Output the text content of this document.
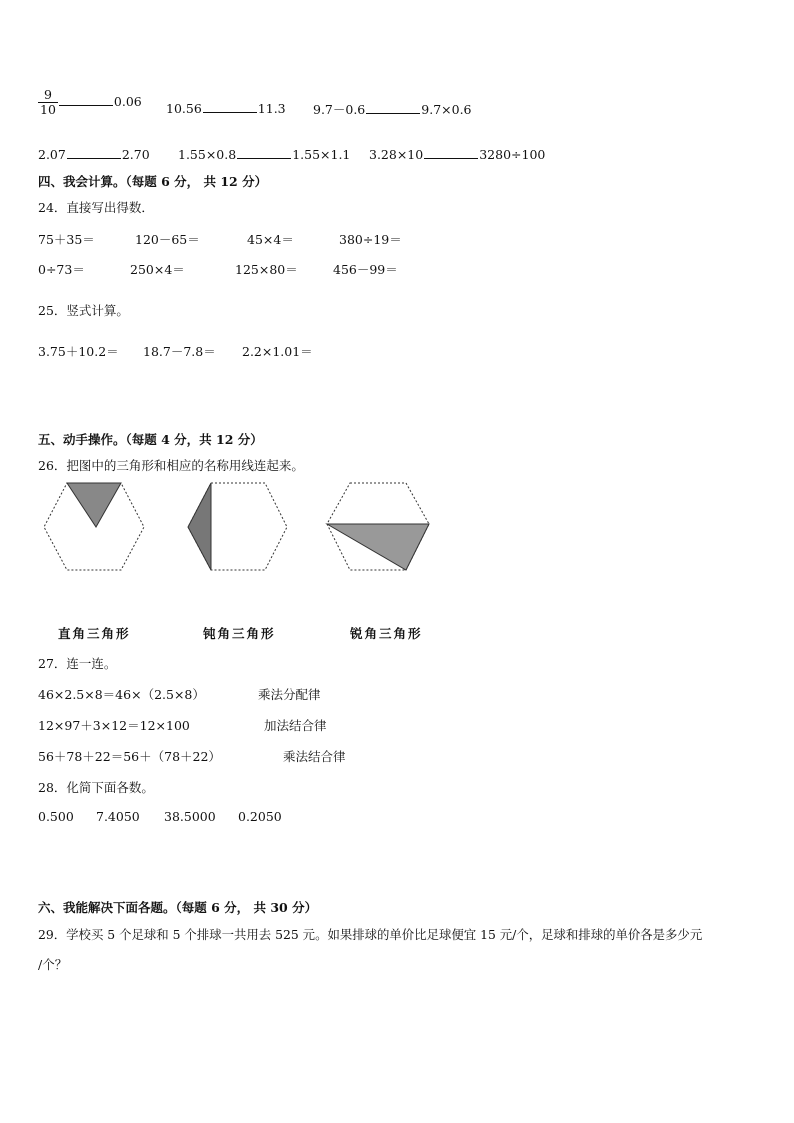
$\frac{9}{10}$	0.06 10.56	11.3 9.7－0.6	9.7×0.6
2.07	2.70 1.55×0.8	1.55×1.1 3.28×10	3280÷100
四、我会计算。（每题 6 分， 共 12 分）
24．直接写出得数．
75＋35＝	120－65＝	45×4＝	380÷19＝
0÷73＝	250×4＝	125×80＝	456－99＝
25．竖式计算。
3.75＋10.2＝ 18.7－7.8＝ 2.2×1.01＝
五、动手操作。（每题 4 分，共 12 分）
26．把图中的三角形和相应的名称用线连起来。
直角三角形	钝角三角形	锐角三角形
27．连一连。
46×2.5×8＝46×（2.5×8）	乘法分配律
12×97＋3×12＝12×100	加法结合律
56＋78＋22＝56＋（78＋22）	乘法结合律
28．化简下面各数。
0.500 7.4050 38.5000 0.2050
六、我能解决下面各题。（每题 6 分， 共 30 分）
29．学校买 5 个足球和 5 个排球一共用去 525 元。如果排球的单价比足球便宜 15 元/个，足球和排球的单价各是多少元
/个？
